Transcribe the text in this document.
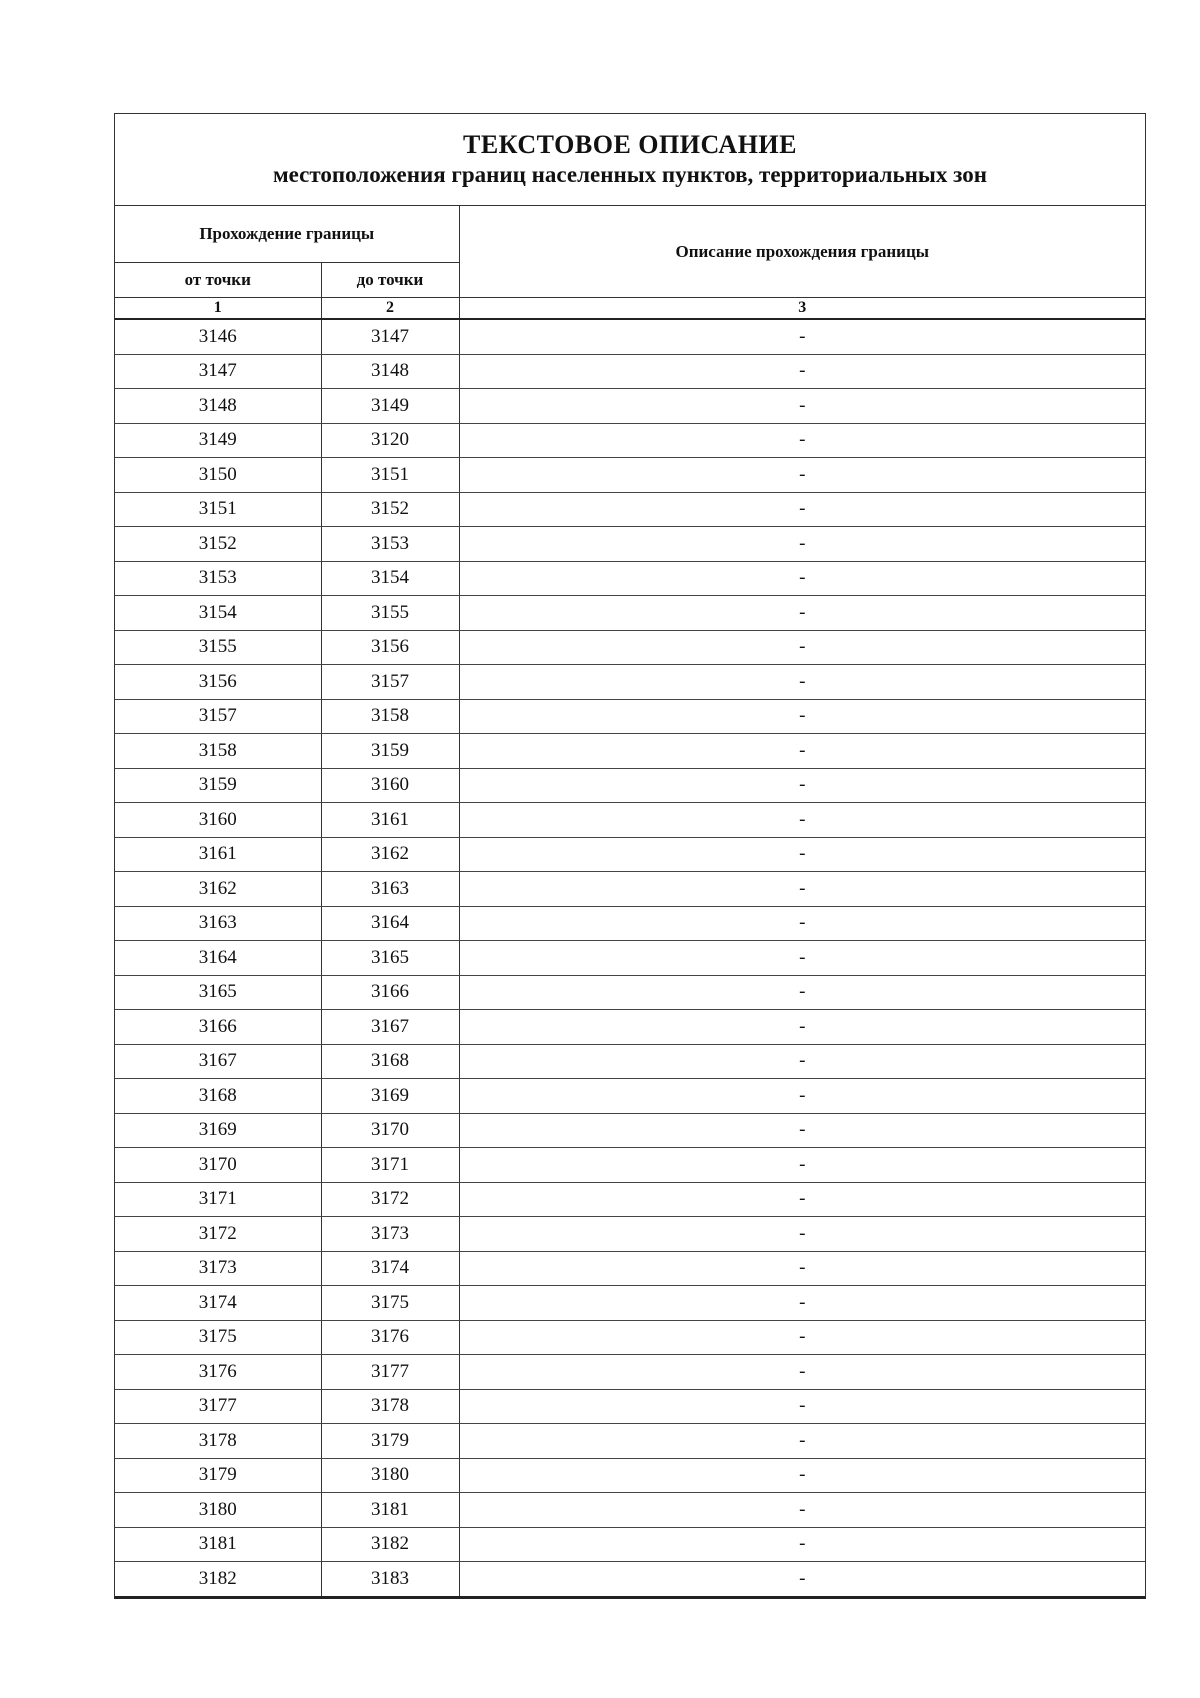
ТЕКСТОВОЕ ОПИСАНИЕ
местоположения границ населенных пунктов, территориальных зон
Прохождение границы		Описание прохождения границы
от точки	до точки	
1	2	3
3146	3147	-
3147	3148	-
3148	3149	-
3149	3120	-
3150	3151	-
3151	3152	-
3152	3153	-
3153	3154	-
3154	3155	-
3155	3156	-
3156	3157	-
3157	3158	-
3158	3159	-
3159	3160	-
3160	3161	-
3161	3162	-
3162	3163	-
3163	3164	-
3164	3165	-
3165	3166	-
3166	3167	-
3167	3168	-
3168	3169	-
3169	3170	-
3170	3171	-
3171	3172	-
3172	3173	-
3173	3174	-
3174	3175	-
3175	3176	-
3176	3177	-
3177	3178	-
3178	3179	-
3179	3180	-
3180	3181	-
3181	3182	-
3182	3183	-
